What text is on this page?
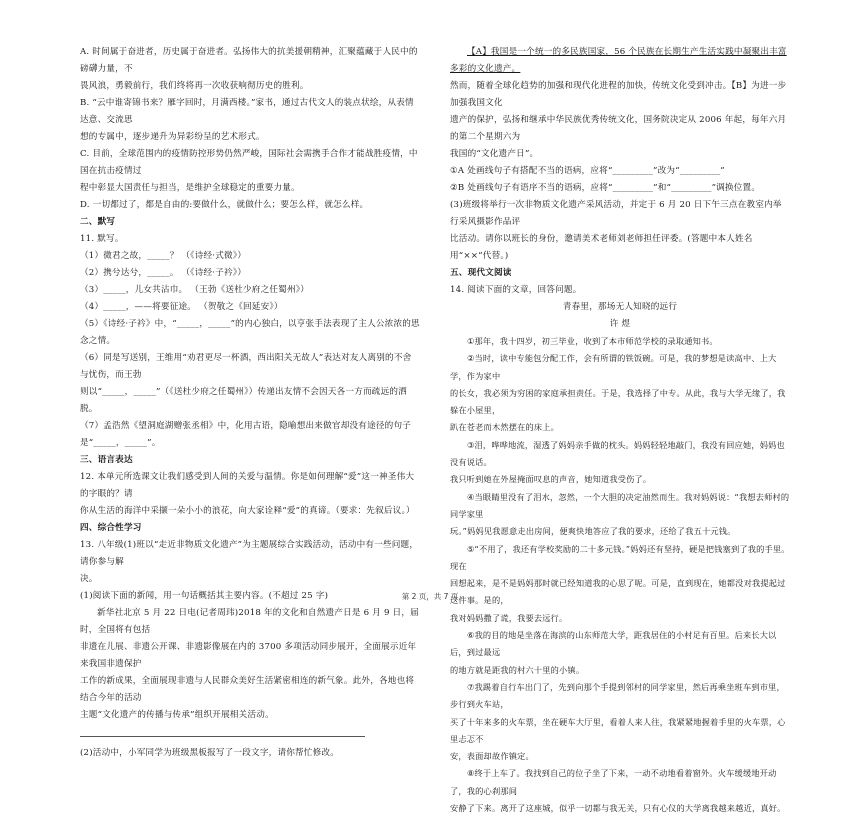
A. 时间属于奋进者，历史属于奋进者。弘扬伟大的抗美援朝精神，汇聚蕴藏于人民中的磅礴力量，不

畏风浪，勇毅前行，我们终将再一次收获响彻历史的胜利。

B. “云中谁寄锦书来？雁字回时，月满西楼。”家书，通过古代文人的装点状绘，从表情达意、交流思

想的专属中，逐步递升为异彩纷呈的艺术形式。

C. 目前，全球范围内的疫情防控形势仍然严峻，国际社会需携手合作才能战胜疫情，中国在抗击疫情过

程中彰显大国责任与担当，是维护全球稳定的重要力量。

D. 一切都过了，都是自由的:要做什么，就做什么；要怎么样，就怎么样。

二、默写

11. 默写。

（1）微君之故，_____？ （《诗经·式微》）

（2）携兮达兮，_____。 （《诗经·子衿》）

（3）_____，儿女共沾巾。 （王勃《送杜少府之任蜀州》）

（4）_____，——将要征途。 （贺敬之《回延安》）

（5）《诗经·子衿》中，“_____，_____”的内心独白，以亨张手法表现了主人公浓浓的思念之情。

（6）同是写送别，王维用“劝君更尽一杯酒，西出阳关无故人”表达对友人离别的不舍与忧伤，而王勃

则以“_____，_____”（《送杜少府之任蜀州》）传递出友情不会因天各一方而疏远的洒脱。

（7）孟浩然《望洞庭湖赠张丞相》中，化用古语，隐喻想出来做官却没有途径的句子是“_____，_____”。

三、语言表达

12. 本单元所选课文让我们感受到人间的关爱与温情。你是如何理解“爱”这一神圣伟大的字眼的？请

你从生活的海洋中采撷一朵小小的浪花，向大家诠释“爱”的真谛。（要求：先叙后议。）

四、综合性学习

13. 八年级(1)班以“走近非物质文化遗产”为主题展综合实践活动，活动中有一些问题，请你参与解

决。

(1)阅读下面的新闻，用一句话概括其主要内容。(不超过 25 字)

新华社北京 5 月 22 日电(记者周玮)2018 年的文化和自然遗产日是 6 月 9 日，届时，全国将有包括

非遗在儿展、非遗公开课、非遗影像展在内的 3700 多项活动同步展开，全面展示近年来我国非遗保护

工作的新成果，全面展现非遗与人民群众美好生活紧密相连的新气象。此外，各地也将结合今年的活动

主题“文化遗产的传播与传承”组织开展相关活动。

(2)活动中，小军同学为班级黑板报写了一段文字，请你帮忙修改。

【A】我国是一个统一的多民族国家，56 个民族在长期生产生活实践中凝聚出丰富多彩的文化遗产。

然而，随着全球化趋势的加强和现代化进程的加快，传统文化受到冲击。【B】为进一步加强我国文化

遗产的保护，弘扬和继承中华民族优秀传统文化，国务院决定从 2006 年起，每年六月的第二个星期六为

我国的“文化遗产日”。

①A 处画线句子有搭配不当的语病，应将“_________”改为“_________”

②B 处画线句子有语序不当的语病，应将“_________”和“_________”调换位置。

(3)班级将举行一次非物质文化遗产采风活动，并定于 6 月 20 日下午三点在教室内举行采风摄影作品评

比活动。请你以班长的身份，邀请美术老师刘老师担任评委。(答题中本人姓名用“××”代替。)

五、现代文阅读

14. 阅读下面的文章，回答问题。

青春里，那场无人知晓的远行

许 煜

①那年，我十四岁，初三毕业，收到了本市师范学校的录取通知书。

②当时，读中专能包分配工作，会有所谓的铁饭碗。可是，我的梦想是读高中、上大学，作为家中

的长女，我必须为穷困的家庭承担责任。于是，我选择了中专。从此，我与大学无缘了，我躲在小屋里，

趴在苍老而木然摆在的床上。

③泪，哗哗地流，湿透了妈妈亲手做的枕头。妈妈轻轻地敲门，我没有回应她，妈妈也没有说话。

我只听到她在外屋掩面叹息的声音，她知道我受伤了。

④当眼睛里没有了泪水，忽然，一个大胆的决定油然而生。我对妈妈说：“我想去师村的同学家里

玩。”妈妈见我愿意走出房间，便爽快地答应了我的要求，还给了我五十元钱。

⑤“不用了，我还有学校奖励的二十多元钱。”妈妈还有坚持，硬是把钱塞到了我的手里。现在

回想起来，是不是妈妈那时就已经知道我的心思了呢。可是，直到现在，她都没对我提起过这件事。是的，

我对妈妈撒了谎，我要去远行。

⑥我的目的地是坐落在海滨的山东师范大学，距我居住的小村足有百里。后来长大以后，到过最远

的地方就是距我的村六十里的小镇。

⑦我踢着自行车出门了，先到向那个手提到邻村的同学家里，然后再乘坐班车到市里，步行到火车站，

买了十年来多的火车票，坐在硬车大厅里，看着人来人往，我紧紧地握着手里的火车票，心里忐忑不

安，表面却故作镇定。

⑧终于上车了。我找到自己的位子坐了下来，一动不动地看着窗外。火车缓缓地开动了，我的心刹那间

安静了下来。离开了这座城，似乎一切都与我无关，只有心仪的大学离我越来越近，真好。

第 2 页，共 7 页
